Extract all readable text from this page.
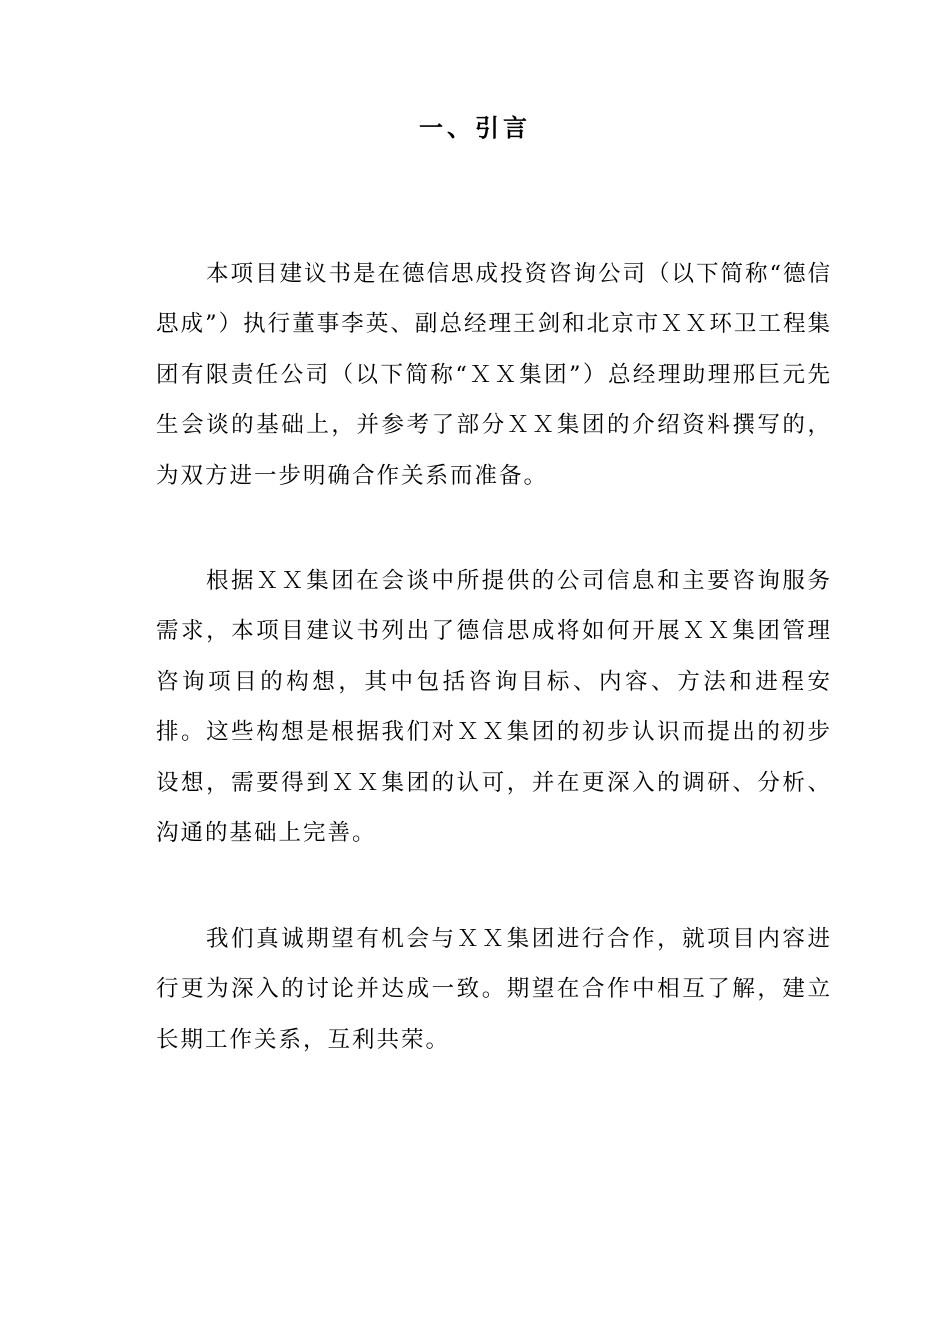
一、引言

本项目建议书是在德信思成投资咨询公司（以下简称“德信思成”）执行董事李英、副总经理王剑和北京市ＸＸ环卫工程集团有限责任公司（以下简称“ＸＸ集团”）总经理助理邢巨元先生会谈的基础上，并参考了部分ＸＸ集团的介绍资料撰写的，为双方进一步明确合作关系而准备。

根据ＸＸ集团在会谈中所提供的公司信息和主要咨询服务需求，本项目建议书列出了德信思成将如何开展ＸＸ集团管理咨询项目的构想，其中包括咨询目标、内容、方法和进程安排。这些构想是根据我们对ＸＸ集团的初步认识而提出的初步设想，需要得到ＸＸ集团的认可，并在更深入的调研、分析、沟通的基础上完善。

我们真诚期望有机会与ＸＸ集团进行合作，就项目内容进行更为深入的讨论并达成一致。期望在合作中相互了解，建立长期工作关系，互利共荣。
